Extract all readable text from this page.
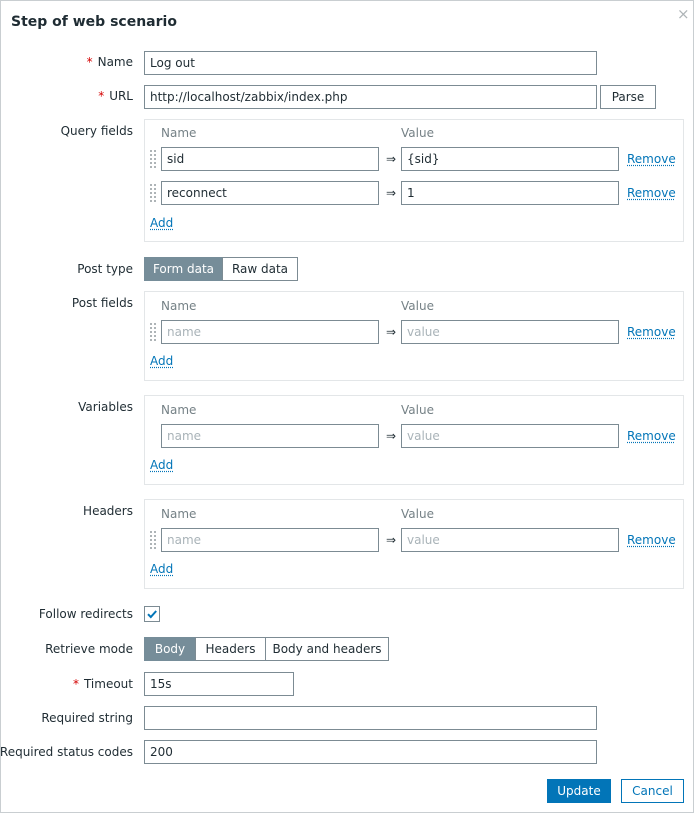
Step of web scenario	×
* Name	Log out
* URL	http://localhost/zabbix/index.php	Parse
Query fields Name	Value
sid	⇒ {sid}	Remove
reconnect	⇒ 1	Remove
Add
Post type	Form data	Raw data
Post fields Name	Value
name	⇒ value	Remove
Add
Variables Name	Value
name	⇒ value	Remove
Add
Headers Name	Value
name	⇒ value	Remove
Add
Follow redirects
Retrieve mode	Body	Headers	Body and headers
* Timeout	15s
Required string
Required status codes	200
Update	Cancel
